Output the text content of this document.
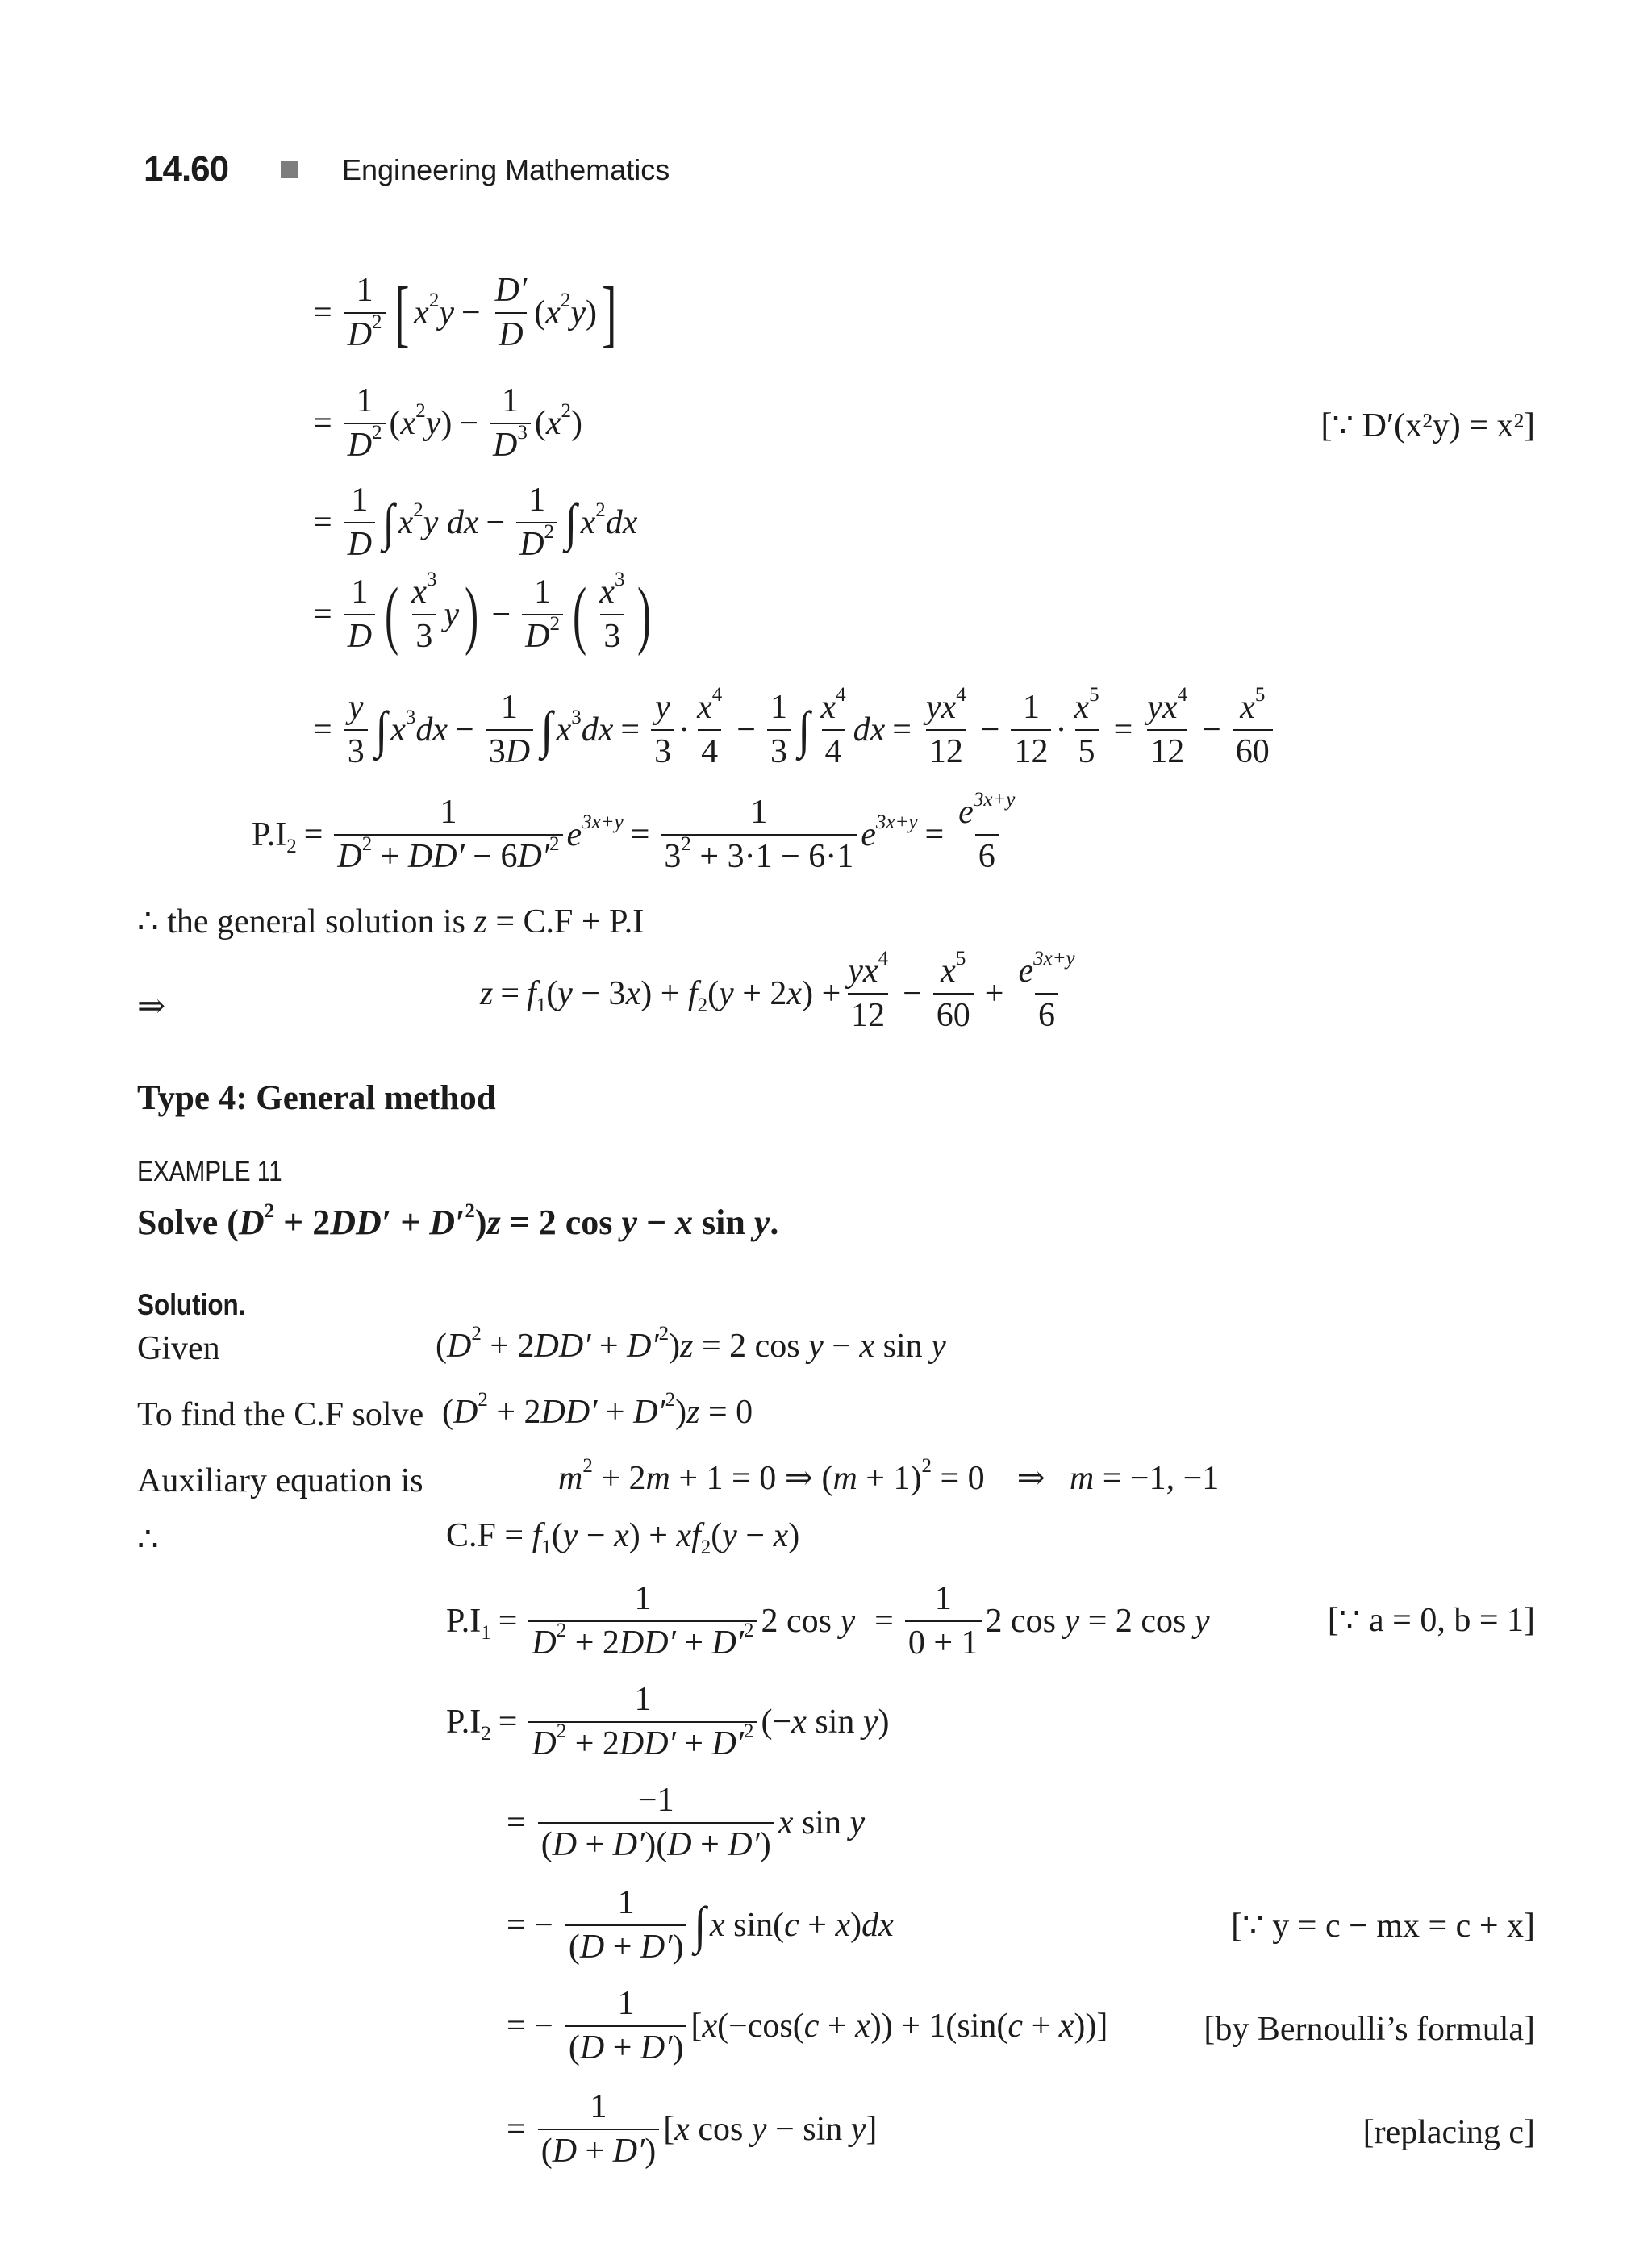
14.60	Engineering Mathematics
= $\frac{1}{D^2}$ [ $x^2y - \frac{D'}{D} (x^2y)$ ]
= $\frac{1}{D^2} (x^2y) - \frac{1}{D^3} (x^2)$	[∵ D′(x²y) = x²]
= $\frac{1}{D}$ ∫ $x^2y$ dx − $\frac{1}{D^2}$ ∫ $x^2dx$
= $\frac{1}{D}$ ( $x^3$
3
y ) − $\frac{1}{D^2}$ ( $x^3$
3 )
= $\frac{y}{3}$ ∫ $x^3dx - \frac{1}{3D}$ ∫ $x^3dx = \frac{y}{3}$ ·
$x^4$
4
− $\frac{1}{3}$ ∫ $x^4$
4
dx = $\frac{yx^4}{12} - \frac{1}{12} \cdot \frac{x^5}{5} = \frac{yx^4}{12} - \frac{x^5}{60}$
$P.I_2 = \frac{1}{D^2 + DD' - 6D'^2} e^{3x+y} = \frac{1}{3^2 + 3\cdot 1 - 6\cdot 1} e^{3x+y} = \frac{e^{3x+y}}{6}$
∴ the general solution is z = C.F + P.I
⇒	$z = f_1(y - 3x) + f_2(y + 2x) + \frac{yx^4}{12} - \frac{x^5}{60} + \frac{e^{3x+y}}{6}$
Type 4: General method
EXAMPLE 11
Solve
$(D^2 + 2DD' + D'^2)z = 2$ cos y − x sin y.
Solution.
Given	$(D^2 + 2DD' + D'^2)z = 2$ cos y − x sin y
To find the C.F solve $(D^2 + 2DD' + D'^2)z = 0$
Auxiliary equation is	$m^2 + 2m + 1 = 0$ ⇒ $(m + 1)^2 = 0$ ⇒ m = −1, −1
∴	$C.F = f_1(y - x) + xf_2(y - x)$
$P.I_1 = \frac{1}{D^2 + 2DD' + D'^2} 2$ $\cos y = \frac{1}{0 + 1} 2$ cos y = 2 cos y	[∵ a = 0, b = 1]
$P.I_2 = \frac{1}{D^2 + 2DD' + D'^2} (-x$ sin y)
= $\frac{-1}{(D + D')(D + D')}$ x sin y
= − $\frac{1}{(D + D')}$ ∫ x sin(c + x)dx	[∵ y = c − mx = c + x]
= − $\frac{1}{(D + D')} [x(-\cos(c + x)) + 1(\sin(c + x))]$	[by Bernoulli’s formula]
= $\frac{1}{(D + D')} [x$ cos y − sin y]	[replacing c]
